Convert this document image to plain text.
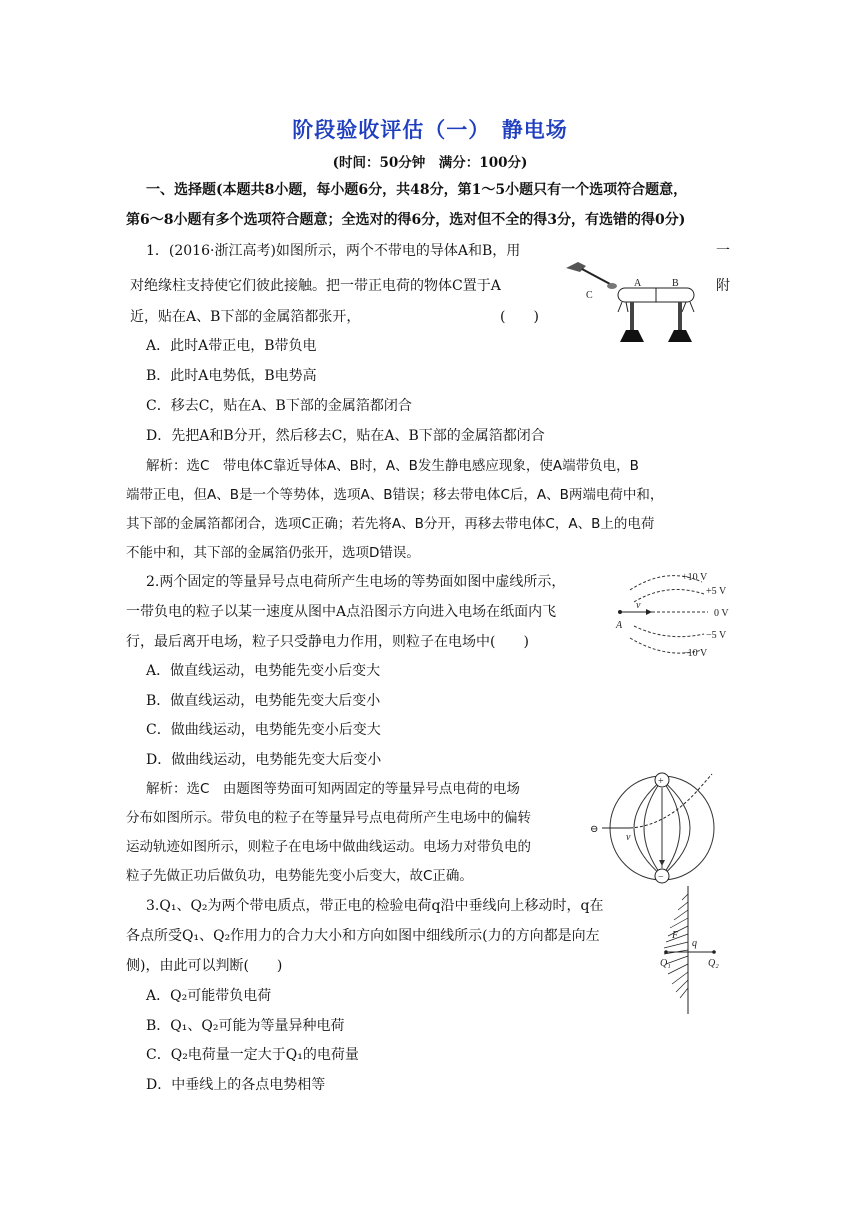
阶段验收评估（一）　静电场
(时间：50分钟　满分：100分)
一、选择题(本题共8小题，每小题6分，共48分，第1～5小题只有一个选项符合题意，
第6～8小题有多个选项符合题意；全选对的得6分，选对但不全的得3分，有选错的得0分)
1．(2016·浙江高考)如图所示，两个不带电的导体A和B，用	一
对绝缘柱支持使它们彼此接触。把一带正电荷的物体C置于A	附
近，贴在A、B下部的金属箔都张开，	(　　)
C
A	B
A．此时A带正电，B带负电
B．此时A电势低，B电势高
C．移去C，贴在A、B下部的金属箔都闭合
D．先把A和B分开，然后移去C，贴在A、B下部的金属箔都闭合
解析：选C　带电体C靠近导体A、B时，A、B发生静电感应现象，使A端带负电，B
端带正电，但A、B是一个等势体，选项A、B错误；移去带电体C后，A、B两端电荷中和，
其下部的金属箔都闭合，选项C正确；若先将A、B分开，再移去带电体C，A、B上的电荷
不能中和，其下部的金属箔仍张开，选项D错误。
2.两个固定的等量异号点电荷所产生电场的等势面如图中虚线所示，
一带负电的粒子以某一速度从图中A点沿图示方向进入电场在纸面内飞
行，最后离开电场，粒子只受静电力作用，则粒子在电场中(　　)
v
A
+10 V
+5 V
0 V
−5 V
−10 V
A．做直线运动，电势能先变小后变大
B．做直线运动，电势能先变大后变小
C．做曲线运动，电势能先变小后变大
D．做曲线运动，电势能先变大后变小
解析：选C　由题图等势面可知两固定的等量异号点电荷的电场
分布如图所示。带负电的粒子在等量异号点电荷所产生电场中的偏转
运动轨迹如图所示，则粒子在电场中做曲线运动。电场力对带负电的
粒子先做正功后做负功，电势能先变小后变大，故C正确。
+
−
⊖
v
3.Q₁、Q₂为两个带电质点，带正电的检验电荷q沿中垂线向上移动时，q在
各点所受Q₁、Q₂作用力的合力大小和方向如图中细线所示(力的方向都是向左
侧)，由此可以判断(　　)
F
q
Q₁	Q₂
A．Q₂可能带负电荷
B．Q₁、Q₂可能为等量异种电荷
C．Q₂电荷量一定大于Q₁的电荷量
D．中垂线上的各点电势相等
